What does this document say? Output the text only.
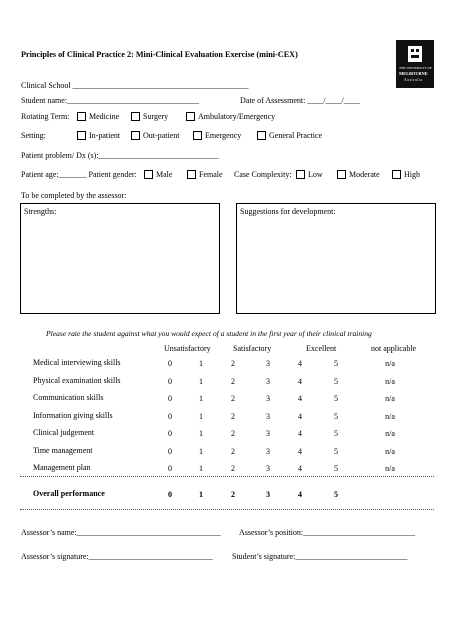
Principles of Clinical Practice 2: Mini-Clinical Evaluation Exercise (mini-CEX)
THE UNIVERSITY OF
MELBOURNE
Australia
Clinical School ____________________________________________
Student name:_________________________________	Date of Assessment: ____/____/____
Rotating Term:	Medicine	Surgery	Ambulatory/Emergency
Setting:	In-patient	Out-patient	Emergency	General Practice
Patient problem/ Dx (s):______________________________
Patient age:_______ Patient gender:	Male	Female Case Complexity:	Low	Moderate	High
To be completed by the assessor:
Strengths:	Suggestions for development:
Please rate the student against what you would expect of a student in the first year of their clinical training
Unsatisfactory	Satisfactory	Excellent	not applicable
Medical interviewing skills	0	1	2	3	4	5	n/a
Physical examination skills	0	1	2	3	4	5	n/a
Communication skills	0	1	2	3	4	5	n/a
Information giving skills	0	1	2	3	4	5	n/a
Clinical judgement	0	1	2	3	4	5	n/a
Time management	0	1	2	3	4	5	n/a
Management plan	0	1	2	3	4	5	n/a
Overall performance	0	1	2	3	4	5
Assessor’s name:____________________________________ Assessor’s position:____________________________
Assessor’s signature:_______________________________ Student’s signature:____________________________
